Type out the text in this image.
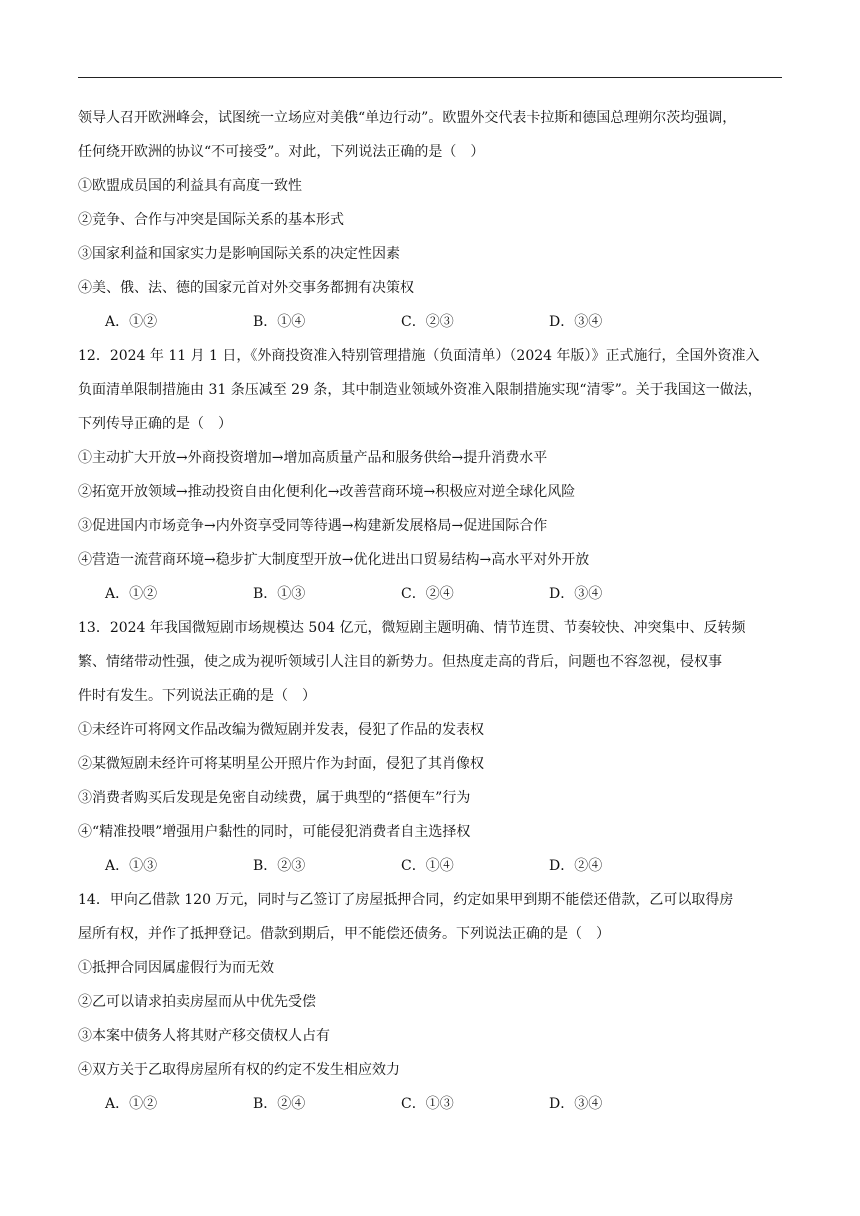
领导人召开欧洲峰会，试图统一立场应对美俄“单边行动”。欧盟外交代表卡拉斯和德国总理朔尔茨均强调，
任何绕开欧洲的协议“不可接受”。对此，下列说法正确的是（　）
①欧盟成员国的利益具有高度一致性
②竞争、合作与冲突是国际关系的基本形式
③国家利益和国家实力是影响国际关系的决定性因素
④美、俄、法、德的国家元首对外交事务都拥有决策权
A．①②	B．①④	C．②③	D．③④
12．2024 年 11 月 1 日，《外商投资准入特别管理措施（负面清单）（2024 年版）》正式施行，全国外资准入
负面清单限制措施由 31 条压减至 29 条，其中制造业领域外资准入限制措施实现“清零”。关于我国这一做法，
下列传导正确的是（　）
①主动扩大开放→外商投资增加→增加高质量产品和服务供给→提升消费水平
②拓宽开放领域→推动投资自由化便利化→改善营商环境→积极应对逆全球化风险
③促进国内市场竞争→内外资享受同等待遇→构建新发展格局→促进国际合作
④营造一流营商环境→稳步扩大制度型开放→优化进出口贸易结构→高水平对外开放
A．①②	B．①③	C．②④	D．③④
13．2024 年我国微短剧市场规模达 504 亿元，微短剧主题明确、情节连贯、节奏较快、冲突集中、反转频
繁、情绪带动性强，使之成为视听领域引人注目的新势力。但热度走高的背后，问题也不容忽视，侵权事
件时有发生。下列说法正确的是（　）
①未经许可将网文作品改编为微短剧并发表，侵犯了作品的发表权
②某微短剧未经许可将某明星公开照片作为封面，侵犯了其肖像权
③消费者购买后发现是免密自动续费，属于典型的“搭便车”行为
④“精准投喂”增强用户黏性的同时，可能侵犯消费者自主选择权
A．①③	B．②③	C．①④	D．②④
14．甲向乙借款 120 万元，同时与乙签订了房屋抵押合同，约定如果甲到期不能偿还借款，乙可以取得房
屋所有权，并作了抵押登记。借款到期后，甲不能偿还债务。下列说法正确的是（　）
①抵押合同因属虚假行为而无效
②乙可以请求拍卖房屋而从中优先受偿
③本案中债务人将其财产移交债权人占有
④双方关于乙取得房屋所有权的约定不发生相应效力
A．①②	B．②④	C．①③	D．③④
